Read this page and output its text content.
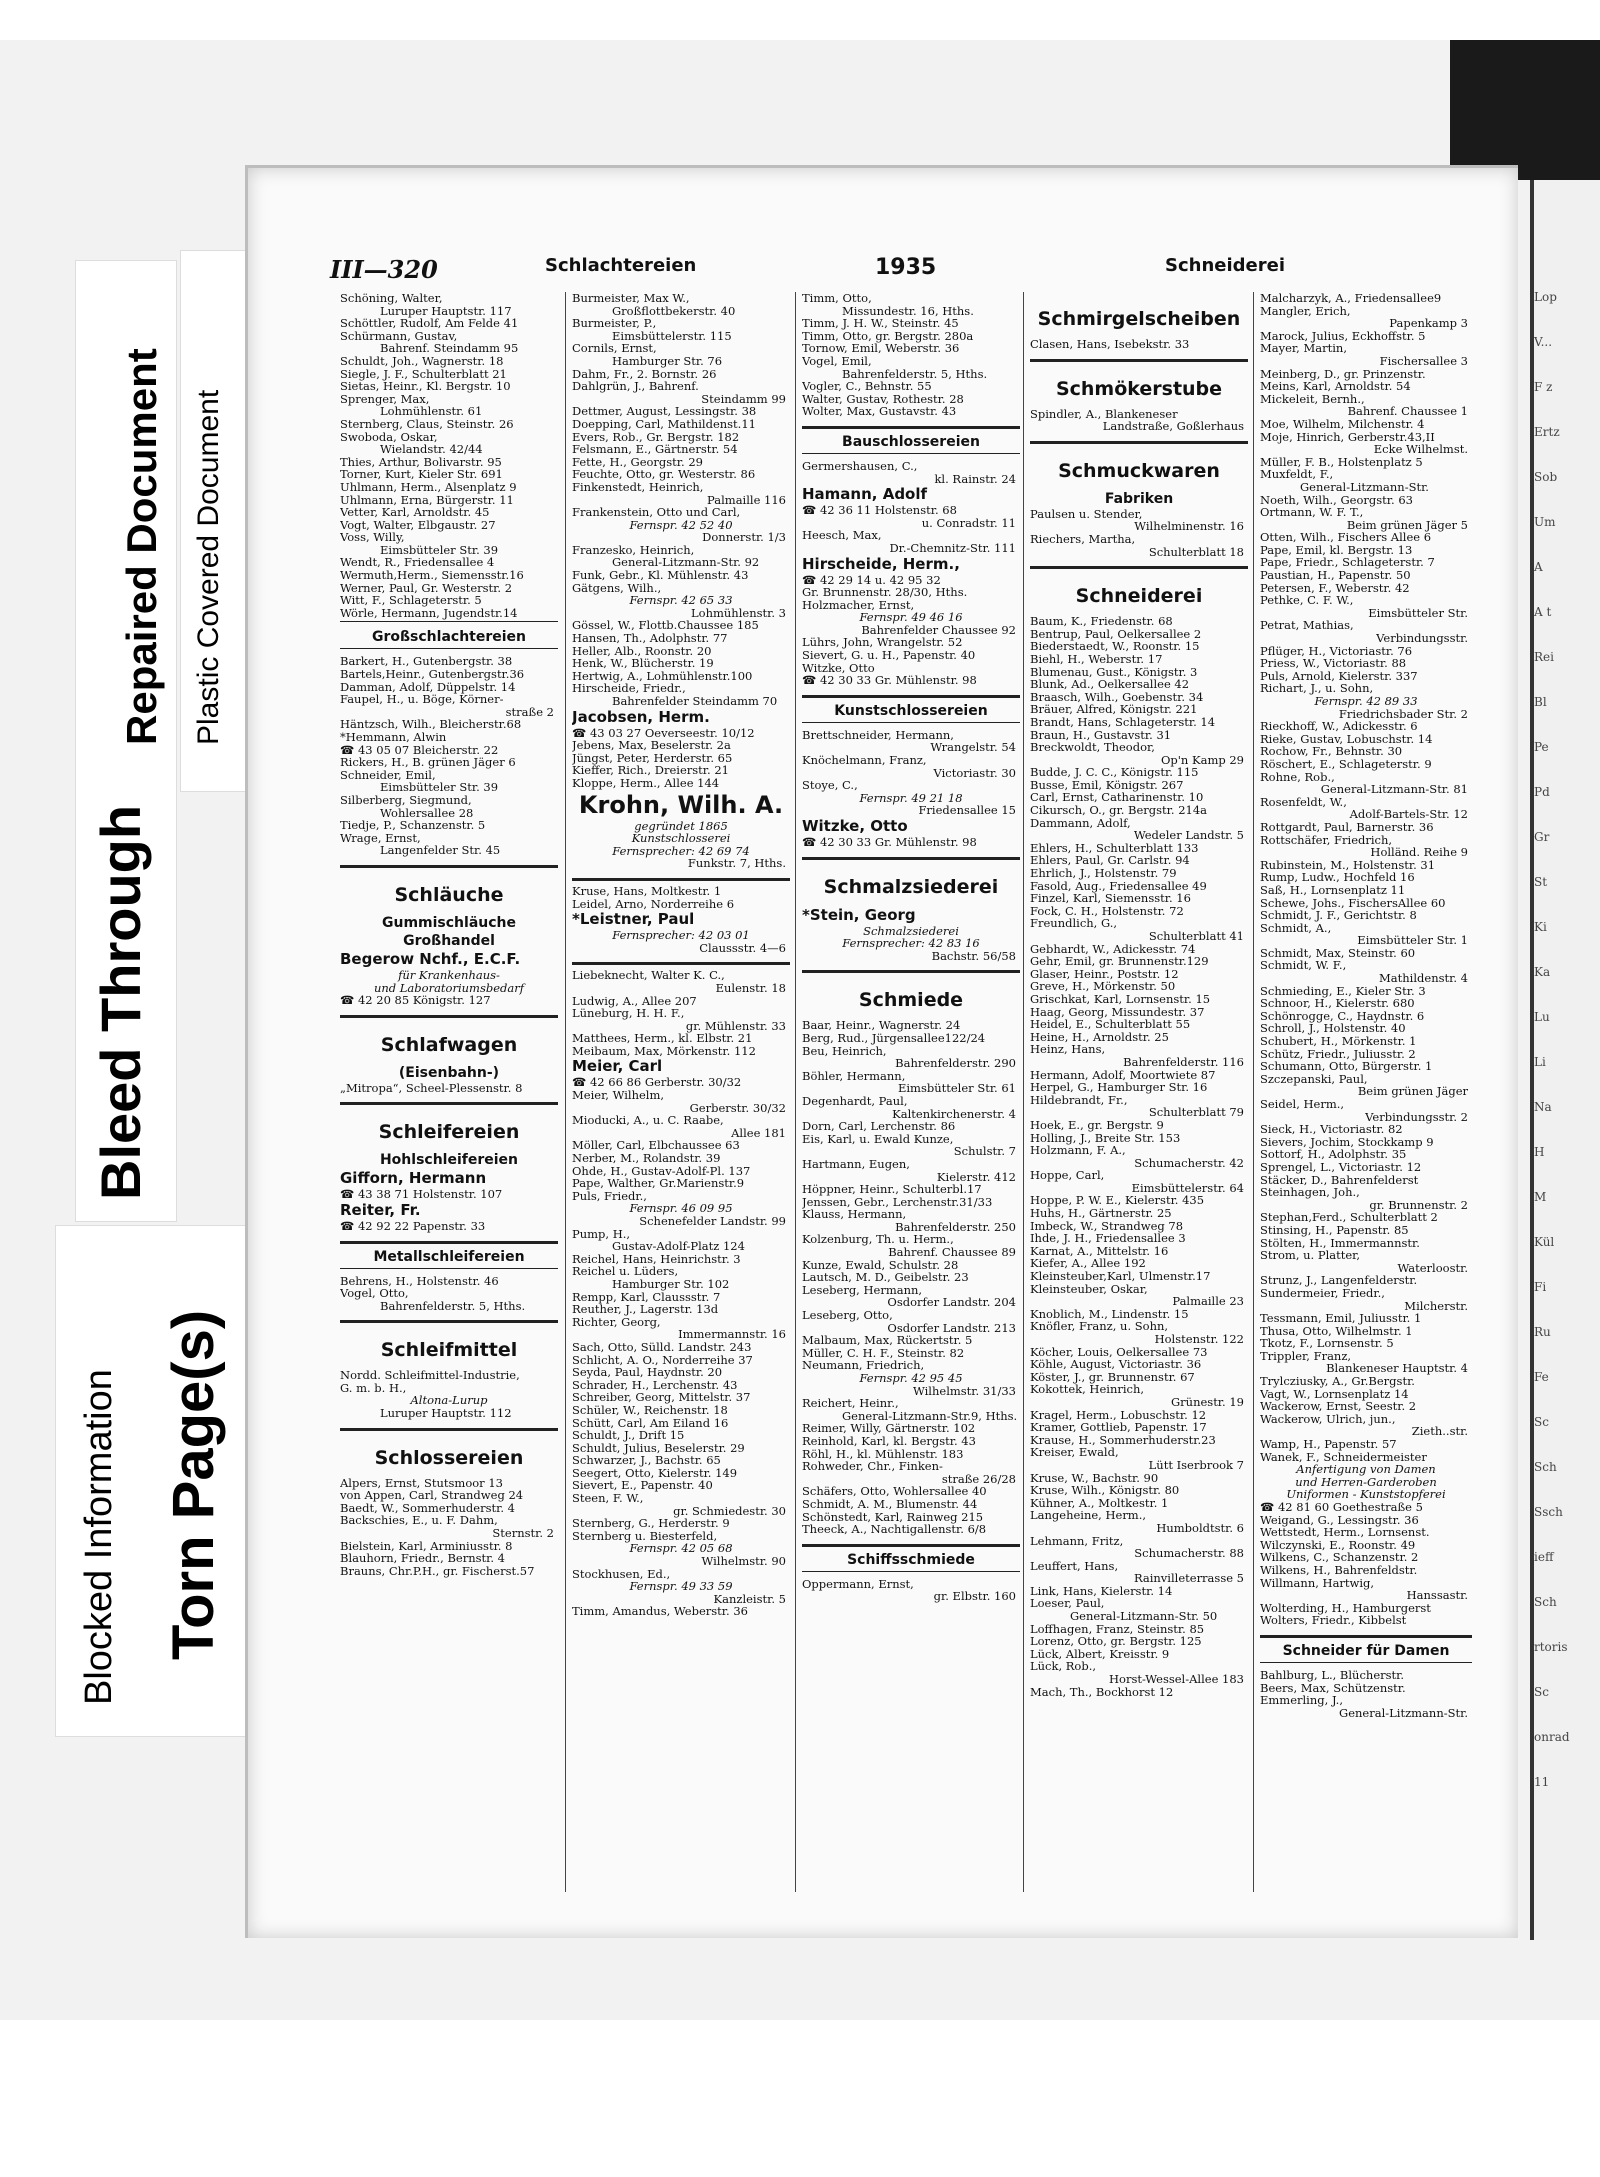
Blocked Information Torn Page(s)
Bleed Through
Repaired Document Plastic Covered Document
III—320	Schlachtereien	1935	Schneiderei
Schöning, Walter,
Luruper Hauptstr. 117
Schöttler, Rudolf, Am Felde 41
Schürmann, Gustav,
Bahrenf. Steindamm 95
Schuldt, Joh., Wagnerstr. 18
Siegle, J. F., Schulterblatt 21
Sietas, Heinr., Kl. Bergstr. 10
Sprenger, Max,
Lohmühlenstr. 61
Sternberg, Claus, Steinstr. 26
Swoboda, Oskar,
Wielandstr. 42/44
Thies, Arthur, Bolivarstr. 95
Torner, Kurt, Kieler Str. 691
Uhlmann, Herm., Alsenplatz 9
Uhlmann, Erna, Bürgerstr. 11
Vetter, Karl, Arnoldstr. 45
Vogt, Walter, Elbgaustr. 27
Voss, Willy,
Eimsbütteler Str. 39
Wendt, R., Friedensallee 4
Wermuth,Herm., Siemensstr.16
Werner, Paul, Gr. Westerstr. 2
Witt, F., Schlageterstr. 5
Wörle, Hermann, Jugendstr.14
Großschlachtereien
Barkert, H., Gutenbergstr. 38
Bartels,Heinr., Gutenbergstr.36
Damman, Adolf, Düppelstr. 14
Faupel, H., u. Böge, Körner-
straße 2
Häntzsch, Wilh., Bleicherstr.68
*Hemmann, Alwin
☎ 43 05 07 Bleicherstr. 22
Rickers, H., B. grünen Jäger 6
Schneider, Emil,
Eimsbütteler Str. 39
Silberberg, Siegmund,
Wohlersallee 28
Tiedje, P., Schanzenstr. 5
Wrage, Ernst,
Langenfelder Str. 45
Schläuche
Gummischläuche
Großhandel
Begerow Nchf., E.C.F.
für Krankenhaus-
und Laboratoriumsbedarf
☎ 42 20 85 Königstr. 127
Schlafwagen
(Eisenbahn-)
„Mitropa“, Scheel-Plessenstr. 8
Schleifereien
Hohlschleifereien
Gifforn, Hermann
☎ 43 38 71 Holstenstr. 107
Reiter, Fr.
☎ 42 92 22 Papenstr. 33
Metallschleifereien
Behrens, H., Holstenstr. 46
Vogel, Otto,
Bahrenfelderstr. 5, Hths.
Schleifmittel
Nordd. Schleifmittel-Industrie,
G. m. b. H.,
Altona-Lurup
Luruper Hauptstr. 112
Schlossereien
Alpers, Ernst, Stutsmoor 13
von Appen, Carl, Strandweg 24
Baedt, W., Sommerhuderstr. 4
Backschies, E., u. F. Dahm,
Sternstr. 2
Bielstein, Karl, Arminiusstr. 8
Blauhorn, Friedr., Bernstr. 4
Brauns, Chr.P.H., gr. Fischerst.57
Burmeister, Max W.,
Großflottbekerstr. 40
Burmeister, P.,
Eimsbüttelerstr. 115
Cornils, Ernst,
Hamburger Str. 76
Dahm, Fr., 2. Bornstr. 26
Dahlgrün, J., Bahrenf.
Steindamm 99
Dettmer, August, Lessingstr. 38
Doepping, Carl, Mathildenst.11
Evers, Rob., Gr. Bergstr. 182
Felsmann, E., Gärtnerstr. 54
Fette, H., Georgstr. 29
Feuchte, Otto, gr. Westerstr. 86
Finkenstedt, Heinrich,
Palmaille 116
Frankenstein, Otto und Carl,
Fernspr. 42 52 40
Donnerstr. 1/3
Franzesko, Heinrich,
General-Litzmann-Str. 92
Funk, Gebr., Kl. Mühlenstr. 43
Gätgens, Wilh.,
Fernspr. 42 65 33
Lohmühlenstr. 3
Gössel, W., Flottb.Chaussee 185
Hansen, Th., Adolphstr. 77
Heller, Alb., Roonstr. 20
Henk, W., Blücherstr. 19
Hertwig, A., Lohmühlenstr.100
Hirscheide, Friedr.,
Bahrenfelder Steindamm 70
Jacobsen, Herm.
☎ 43 03 27 Oeverseestr. 10/12
Jebens, Max, Beselerstr. 2a
Jüngst, Peter, Herderstr. 65
Kieffer, Rich., Dreierstr. 21
Kloppe, Herm., Allee 144
Krohn, Wilh. A.
gegründet 1865
Kunstschlosserei
Fernsprecher: 42 69 74
Funkstr. 7, Hths.
Kruse, Hans, Moltkestr. 1
Leidel, Arno, Norderreihe 6
*Leistner, Paul
Fernsprecher: 42 03 01
Claussstr. 4—6
Liebeknecht, Walter K. C.,
Eulenstr. 18
Ludwig, A., Allee 207
Lüneburg, H. H. F.,
gr. Mühlenstr. 33
Matthees, Herm., kl. Elbstr. 21
Meibaum, Max, Mörkenstr. 112
Meier, Carl
☎ 42 66 86 Gerberstr. 30/32
Meier, Wilhelm,
Gerberstr. 30/32
Mioducki, A., u. C. Raabe,
Allee 181
Möller, Carl, Elbchaussee 63
Nerber, M., Rolandstr. 39
Ohde, H., Gustav-Adolf-Pl. 137
Pape, Walther, Gr.Marienstr.9
Puls, Friedr.,
Fernspr. 46 09 95
Schenefelder Landstr. 99
Pump, H.,
Gustav-Adolf-Platz 124
Reichel, Hans, Heinrichstr. 3
Reichel u. Lüders,
Hamburger Str. 102
Rempp, Karl, Claussstr. 7
Reuther, J., Lagerstr. 13d
Richter, Georg,
Immermannstr. 16
Sach, Otto, Sülld. Landstr. 243
Schlicht, A. O., Norderreihe 37
Seyda, Paul, Haydnstr. 20
Schrader, H., Lerchenstr. 43
Schreiber, Georg, Mittelstr. 37
Schüler, W., Reichenstr. 18
Schütt, Carl, Am Eiland 16
Schuldt, J., Drift 15
Schuldt, Julius, Beselerstr. 29
Schwarzer, J., Bachstr. 65
Seegert, Otto, Kielerstr. 149
Sievert, E., Papenstr. 40
Steen, F. W.,
gr. Schmiedestr. 30
Sternberg, G., Herderstr. 9
Sternberg u. Biesterfeld,
Fernspr. 42 05 68
Wilhelmstr. 90
Stockhusen, Ed.,
Fernspr. 49 33 59
Kanzleistr. 5
Timm, Amandus, Weberstr. 36
Timm, Otto,
Missundestr. 16, Hths.
Timm, J. H. W., Steinstr. 45
Timm, Otto, gr. Bergstr. 280a
Tornow, Emil, Weberstr. 36
Vogel, Emil,
Bahrenfelderstr. 5, Hths.
Vogler, C., Behnstr. 55
Walter, Gustav, Rothestr. 28
Wolter, Max, Gustavstr. 43
Bauschlossereien
Germershausen, C.,
kl. Rainstr. 24
Hamann, Adolf
☎ 42 36 11 Holstenstr. 68
u. Conradstr. 11
Heesch, Max,
Dr.-Chemnitz-Str. 111
Hirscheide, Herm.,
☎ 42 29 14 u. 42 95 32
Gr. Brunnenstr. 28/30, Hths.
Holzmacher, Ernst,
Fernspr. 49 46 16
Bahrenfelder Chaussee 92
Lührs, John, Wrangelstr. 52
Sievert, G. u. H., Papenstr. 40
Witzke, Otto
☎ 42 30 33 Gr. Mühlenstr. 98
Kunstschlossereien
Brettschneider, Hermann,
Wrangelstr. 54
Knöchelmann, Franz,
Victoriastr. 30
Stoye, C.,
Fernspr. 49 21 18
Friedensallee 15
Witzke, Otto
☎ 42 30 33 Gr. Mühlenstr. 98
Schmalzsiederei
*Stein, Georg
Schmalzsiederei
Fernsprecher: 42 83 16
Bachstr. 56/58
Schmiede
Baar, Heinr., Wagnerstr. 24
Berg, Rud., Jürgensallee122/24
Beu, Heinrich,
Bahrenfelderstr. 290
Böhler, Hermann,
Eimsbütteler Str. 61
Degenhardt, Paul,
Kaltenkirchenerstr. 4
Dorn, Carl, Lerchenstr. 86
Eis, Karl, u. Ewald Kunze,
Schulstr. 7
Hartmann, Eugen,
Kielerstr. 412
Höppner, Heinr., Schulterbl.17
Jenssen, Gebr., Lerchenstr.31/33
Klauss, Hermann,
Bahrenfelderstr. 250
Kolzenburg, Th. u. Herm.,
Bahrenf. Chaussee 89
Kunze, Ewald, Schulstr. 28
Lautsch, M. D., Geibelstr. 23
Leseberg, Hermann,
Osdorfer Landstr. 204
Leseberg, Otto,
Osdorfer Landstr. 213
Malbaum, Max, Rückertstr. 5
Müller, C. H. F., Steinstr. 82
Neumann, Friedrich,
Fernspr. 42 95 45
Wilhelmstr. 31/33
Reichert, Heinr.,
General-Litzmann-Str.9, Hths.
Reimer, Willy, Gärtnerstr. 102
Reinhold, Karl, kl. Bergstr. 43
Röhl, H., kl. Mühlenstr. 183
Rohweder, Chr., Finken-
straße 26/28
Schäfers, Otto, Wohlersallee 40
Schmidt, A. M., Blumenstr. 44
Schönstedt, Karl, Rainweg 215
Theeck, A., Nachtigallenstr. 6/8
Schiffsschmiede
Oppermann, Ernst,
gr. Elbstr. 160
Schmirgelscheiben
Clasen, Hans, Isebekstr. 33
Schmökerstube
Spindler, A., Blankeneser
Landstraße, Goßlerhaus
Schmuckwaren
Fabriken
Paulsen u. Stender,
Wilhelminenstr. 16
Riechers, Martha,
Schulterblatt 18
Schneiderei
Baum, K., Friedenstr. 68
Bentrup, Paul, Oelkersallee 2
Biederstaedt, W., Roonstr. 15
Biehl, H., Weberstr. 17
Blumenau, Gust., Königstr. 3
Blunk, Ad., Oelkersallee 42
Braasch, Wilh., Goebenstr. 34
Bräuer, Alfred, Königstr. 221
Brandt, Hans, Schlageterstr. 14
Braun, H., Gustavstr. 31
Breckwoldt, Theodor,
Op'n Kamp 29
Budde, J. C. C., Königstr. 115
Busse, Emil, Königstr. 267
Carl, Ernst, Catharinenstr. 10
Cikursch, O., gr. Bergstr. 214a
Dammann, Adolf,
Wedeler Landstr. 5
Ehlers, H., Schulterblatt 133
Ehlers, Paul, Gr. Carlstr. 94
Ehrlich, J., Holstenstr. 79
Fasold, Aug., Friedensallee 49
Finzel, Karl, Siemensstr. 16
Fock, C. H., Holstenstr. 72
Freundlich, G.,
Schulterblatt 41
Gebhardt, W., Adickesstr. 74
Gehr, Emil, gr. Brunnenstr.129
Glaser, Heinr., Poststr. 12
Greve, H., Mörkenstr. 50
Grischkat, Karl, Lornsenstr. 15
Haag, Georg, Missundestr. 37
Heidel, E., Schulterblatt 55
Heine, H., Arnoldstr. 25
Heinz, Hans,
Bahrenfelderstr. 116
Hermann, Adolf, Moortwiete 87
Herpel, G., Hamburger Str. 16
Hildebrandt, Fr.,
Schulterblatt 79
Hoek, E., gr. Bergstr. 9
Holling, J., Breite Str. 153
Holzmann, F. A.,
Schumacherstr. 42
Hoppe, Carl,
Eimsbüttelerstr. 64
Hoppe, P. W. E., Kielerstr. 435
Huhs, H., Gärtnerstr. 25
Imbeck, W., Strandweg 78
Ihde, J. H., Friedensallee 3
Karnat, A., Mittelstr. 16
Kiefer, A., Allee 192
Kleinsteuber,Karl, Ulmenstr.17
Kleinsteuber, Oskar,
Palmaille 23
Knoblich, M., Lindenstr. 15
Knöfler, Franz, u. Sohn,
Holstenstr. 122
Köcher, Louis, Oelkersallee 73
Köhle, August, Victoriastr. 36
Köster, J., gr. Brunnenstr. 67
Kokottek, Heinrich,
Grünestr. 19
Kragel, Herm., Lobuschstr. 12
Kramer, Gottlieb, Papenstr. 17
Krause, H., Sommerhuderstr.23
Kreiser, Ewald,
Lütt Iserbrook 7
Kruse, W., Bachstr. 90
Kruse, Wilh., Königstr. 80
Kühner, A., Moltkestr. 1
Langeheine, Herm.,
Humboldtstr. 6
Lehmann, Fritz,
Schumacherstr. 88
Leuffert, Hans,
Rainvilleterrasse 5
Link, Hans, Kielerstr. 14
Loeser, Paul,
General-Litzmann-Str. 50
Loffhagen, Franz, Steinstr. 85
Lorenz, Otto, gr. Bergstr. 125
Lück, Albert, Kreisstr. 9
Lück, Rob.,
Horst-Wessel-Allee 183
Mach, Th., Bockhorst 12
Malcharzyk, A., Friedensallee9
Mangler, Erich,
Papenkamp 3
Marock, Julius, Eckhoffstr. 5
Mayer, Martin,
Fischersallee 3
Meinberg, D., gr. Prinzenstr.
Meins, Karl, Arnoldstr. 54
Mickeleit, Bernh.,
Bahrenf. Chaussee 1
Moe, Wilhelm, Milchenstr. 4
Moje, Hinrich, Gerberstr.43,II
Ecke Wilhelmst.
Müller, F. B., Holstenplatz 5
Muxfeldt, F.,
General-Litzmann-Str.
Noeth, Wilh., Georgstr. 63
Ortmann, W. F. T.,
Beim grünen Jäger 5
Otten, Wilh., Fischers Allee 6
Pape, Emil, kl. Bergstr. 13
Pape, Friedr., Schlageterstr. 7
Paustian, H., Papenstr. 50
Petersen, F., Weberstr. 42
Pethke, C. F. W.,
Eimsbütteler Str.
Petrat, Mathias,
Verbindungsstr.
Pflüger, H., Victoriastr. 76
Priess, W., Victoriastr. 88
Puls, Arnold, Kielerstr. 337
Richart, J., u. Sohn,
Fernspr. 42 89 33
Friedrichsbader Str. 2
Rieckhoff, W., Adickesstr. 6
Rieke, Gustav, Lobuschstr. 14
Rochow, Fr., Behnstr. 30
Röschert, E., Schlageterstr. 9
Rohne, Rob.,
General-Litzmann-Str. 81
Rosenfeldt, W.,
Adolf-Bartels-Str. 12
Rottgardt, Paul, Barnerstr. 36
Rottschäfer, Friedrich,
Holländ. Reihe 9
Rubinstein, M., Holstenstr. 31
Rump, Ludw., Hochfeld 16
Saß, H., Lornsenplatz 11
Schewe, Johs., FischersAllee 60
Schmidt, J. F., Gerichtstr. 8
Schmidt, A.,
Eimsbütteler Str. 1
Schmidt, Max, Steinstr. 60
Schmidt, W. F.,
Mathildenstr. 4
Schmieding, E., Kieler Str. 3
Schnoor, H., Kielerstr. 680
Schönrogge, C., Haydnstr. 6
Schroll, J., Holstenstr. 40
Schubert, H., Mörkenstr. 1
Schütz, Friedr., Juliusstr. 2
Schumann, Otto, Bürgerstr. 1
Szczepanski, Paul,
Beim grünen Jäger
Seidel, Herm.,
Verbindungsstr. 2
Sieck, H., Victoriastr. 82
Sievers, Jochim, Stockkamp 9
Sottorf, H., Adolphstr. 35
Sprengel, L., Victoriastr. 12
Stäcker, D., Bahrenfelderst
Steinhagen, Joh.,
gr. Brunnenstr. 2
Stephan,Ferd., Schulterblatt 2
Stinsing, H., Papenstr. 85
Stölten, H., Immermannstr.
Strom, u. Platter,
Waterloostr.
Strunz, J., Langenfelderstr.
Sundermeier, Friedr.,
Milcherstr.
Tessmann, Emil, Juliusstr. 1
Thusa, Otto, Wilhelmstr. 1
Tkotz, F., Lornsenstr. 5
Trippler, Franz,
Blankeneser Hauptstr. 4
Trylcziusky, A., Gr.Bergstr.
Vagt, W., Lornsenplatz 14
Wackerow, Ernst, Seestr. 2
Wackerow, Ulrich, jun.,
Zieth..str.
Wamp, H., Papenstr. 57
Wanek, F., Schneidermeister
Anfertigung von Damen
und Herren-Garderoben
Uniformen - Kunststopferei
☎ 42 81 60 Goethestraße 5
Weigand, G., Lessingstr. 36
Wettstedt, Herm., Lornsenst.
Wilczynski, E., Roonstr. 49
Wilkens, C., Schanzenstr. 2
Wilkens, H., Bahrenfeldstr.
Willmann, Hartwig,
Hanssastr.
Wolterding, H., Hamburgerst
Wolters, Friedr., Kibbelst
Schneider für Damen
Bahlburg, L., Blücherstr.
Beers, Max, Schützenstr.
Emmerling, J.,
General-Litzmann-Str.
Lop
V...
F z
Ertz
Sob
Um
A
A t
Rei
Bl
Pe
Pd
Gr
St
Ki
Ka
Lu
Li
Na
H
M
Kül
Fi
Ru
Fe
Sc
Sch
Ssch
ieff
Sch
rtoris
Sc
onrad
11
